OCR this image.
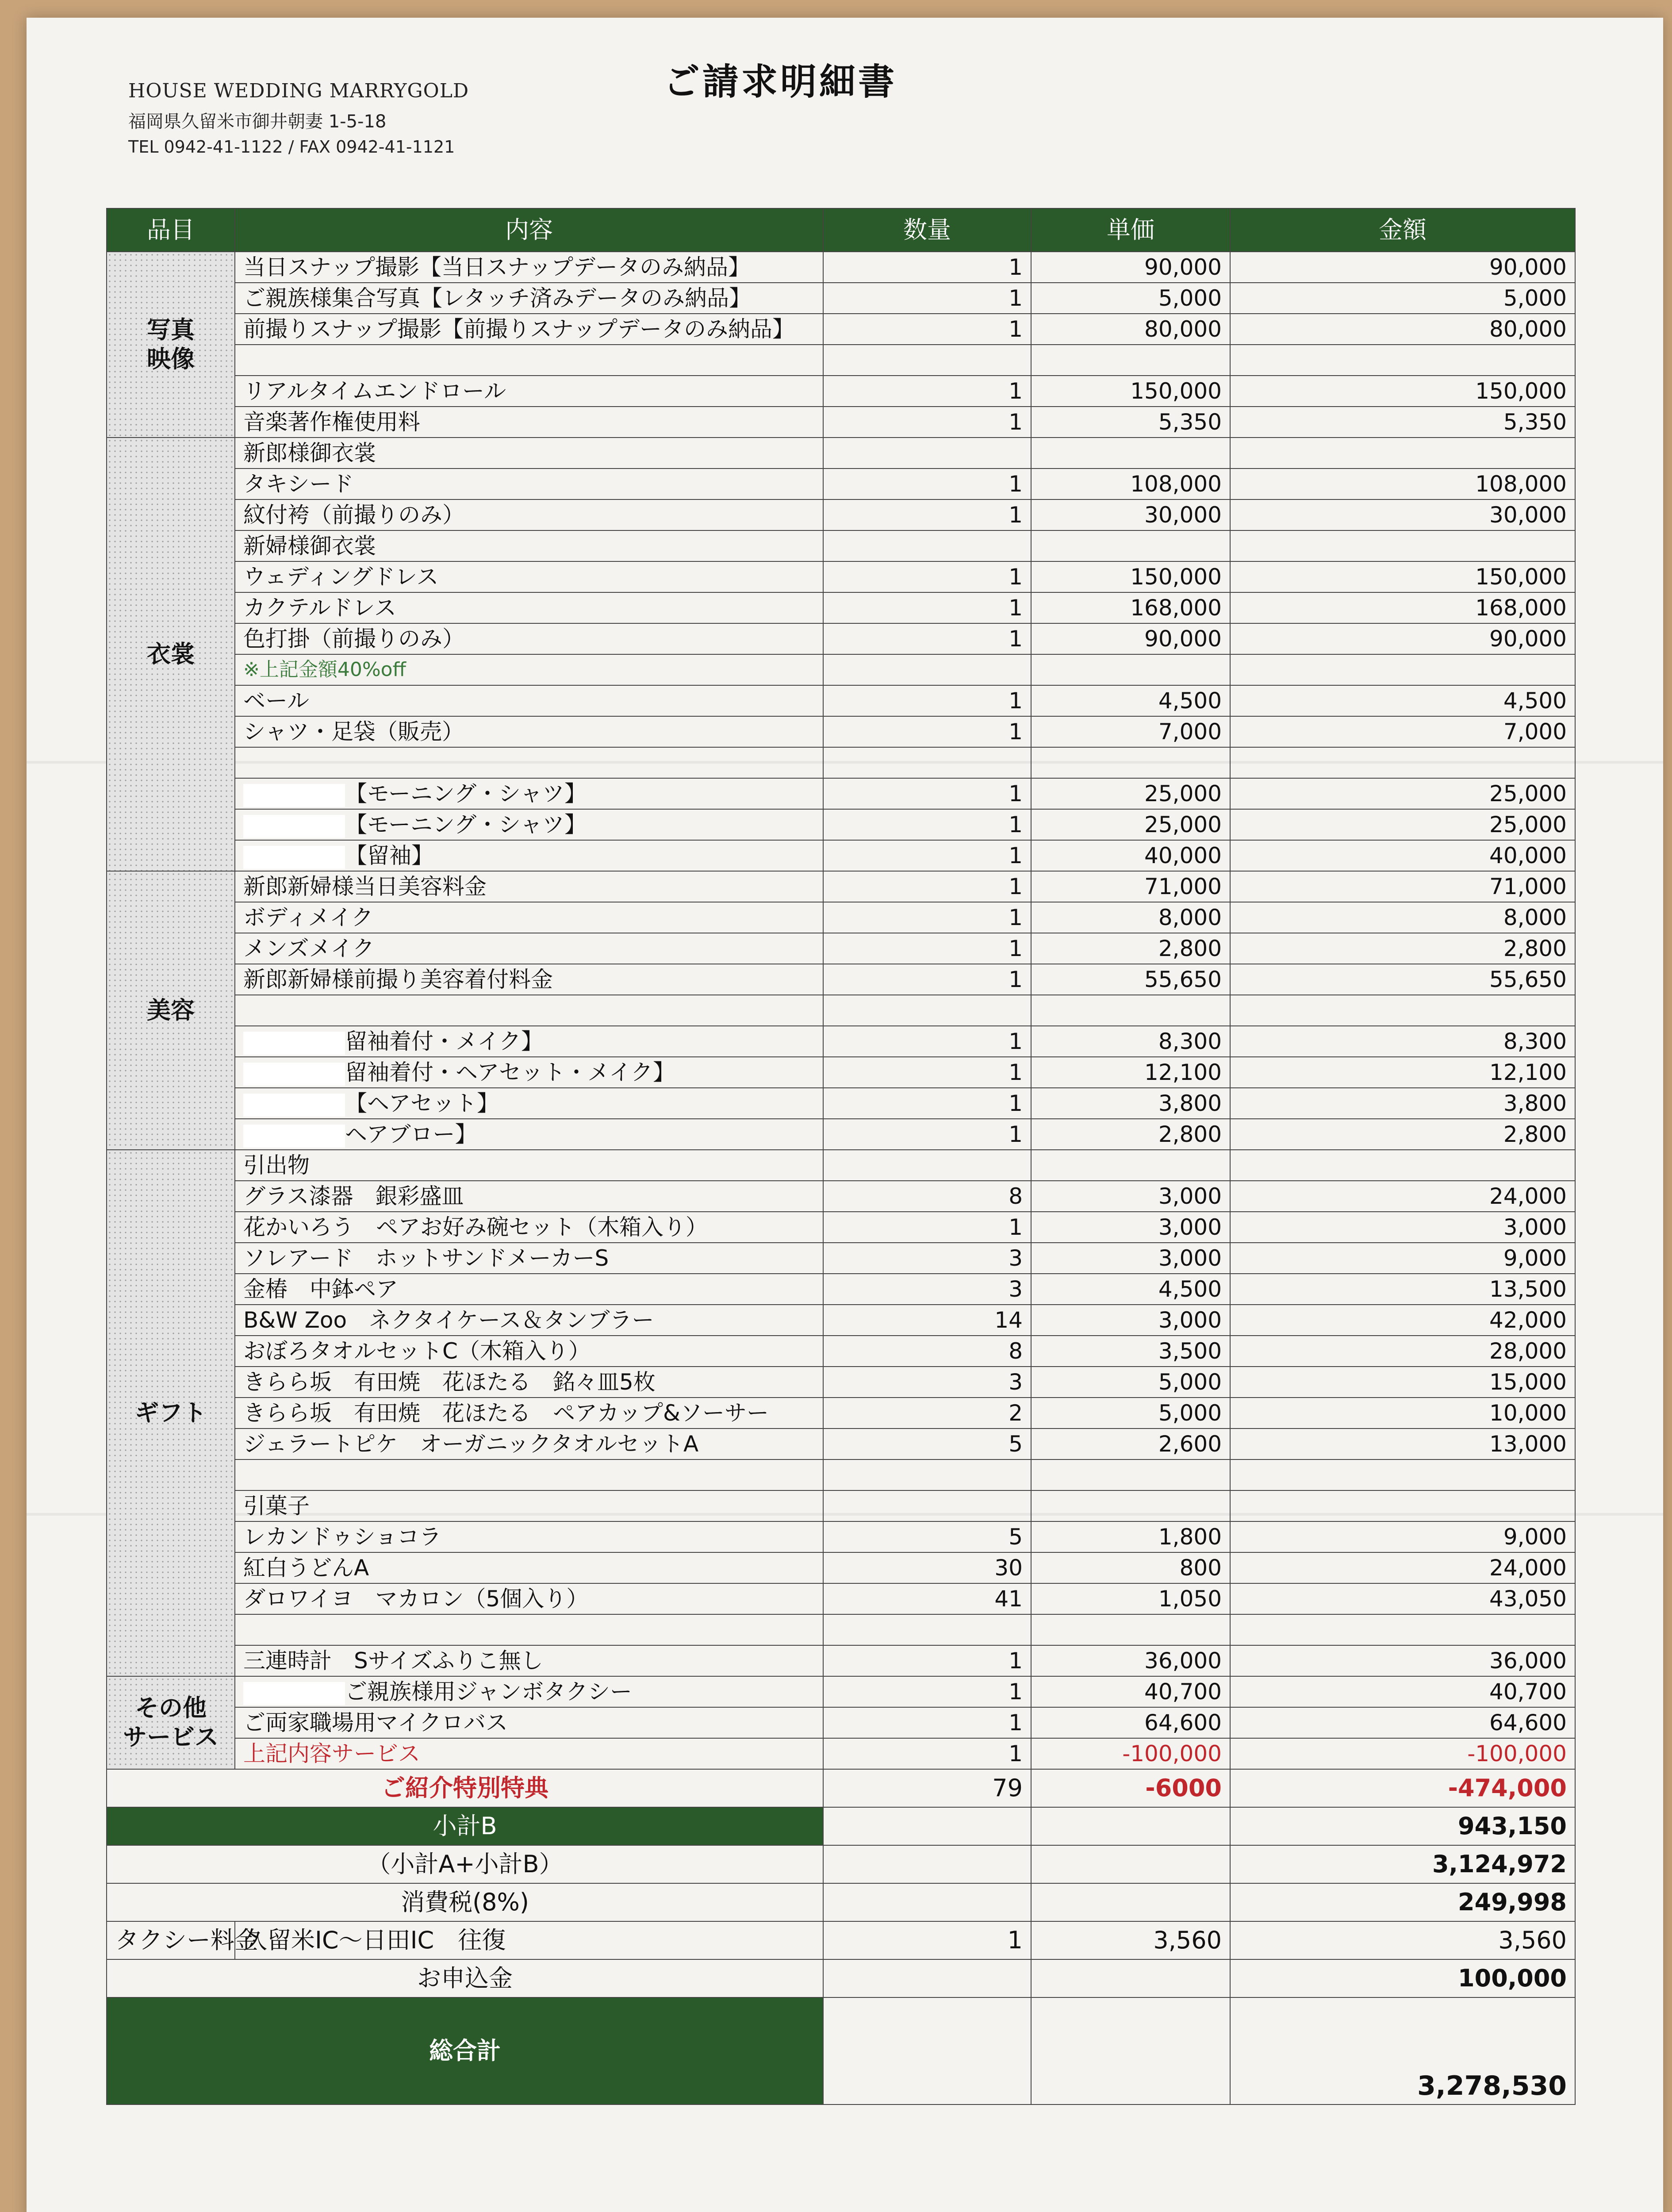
ご請求明細書
HOUSE WEDDING MARRYGOLD
福岡県久留米市御井朝妻 1-5-18
TEL 0942-41-1122 / FAX 0942-41-1121
品目	内容	数量	単価	金額

写真
映像	当日スナップ撮影【当日スナップデータのみ納品】	1	90,000	90,000
	ご親族様集合写真【レタッチ済みデータのみ納品】	1	5,000	5,000
	前撮りスナップ撮影【前撮りスナップデータのみ納品】	1	80,000	80,000

	リアルタイムエンドロール	1	150,000	150,000
	音楽著作権使用料	1	5,350	5,350

衣裳	新郎様御衣裳			
	タキシード	1	108,000	108,000
	紋付袴（前撮りのみ）	1	30,000	30,000
	新婦様御衣裳			
	ウェディングドレス	1	150,000	150,000
	カクテルドレス	1	168,000	168,000
	色打掛（前撮りのみ）	1	90,000	90,000
	※上記金額40%off			
	ベール	1	4,500	4,500
	シャツ・足袋（販売）	1	7,000	7,000

	【モーニング・シャツ】	1	25,000	25,000
	【モーニング・シャツ】	1	25,000	25,000
	【留袖】	1	40,000	40,000

美容	新郎新婦様当日美容料金	1	71,000	71,000
	ボディメイク	1	8,000	8,000
	メンズメイク	1	2,800	2,800
	新郎新婦様前撮り美容着付料金	1	55,650	55,650

	留袖着付・メイク】	1	8,300	8,300
	留袖着付・ヘアセット・メイク】	1	12,100	12,100
	【ヘアセット】	1	3,800	3,800
	ヘアブロー】	1	2,800	2,800

ギフト	引出物			
	グラス漆器　銀彩盛皿	8	3,000	24,000
	花かいろう　ペアお好み碗セット（木箱入り）	1	3,000	3,000
	ソレアード　ホットサンドメーカーS	3	3,000	9,000
	金椿　中鉢ペア	3	4,500	13,500
	B&W Zoo　ネクタイケース＆タンブラー	14	3,000	42,000
	おぼろタオルセットC（木箱入り）	8	3,500	28,000
	きらら坂　有田焼　花ほたる　銘々皿5枚	3	5,000	15,000
	きらら坂　有田焼　花ほたる　ペアカップ&ソーサー	2	5,000	10,000
	ジェラートピケ　オーガニックタオルセットA	5	2,600	13,000

	引菓子			
	レカンドゥショコラ	5	1,800	9,000
	紅白うどんA	30	800	24,000
	ダロワイヨ　マカロン（5個入り）	41	1,050	43,050

	三連時計　Sサイズふりこ無し	1	36,000	36,000

その他
サービス	ご親族様用ジャンボタクシー	1	40,700	40,700
	ご両家職場用マイクロバス	1	64,600	64,600
	上記内容サービス	1	-100,000	-100,000
ご紹介特別特典		79	-6000	-474,000
小計B				943,150
（小計A+小計B）				3,124,972
消費税(8%)				249,998
タクシー料金	久留米IC～日田IC　往復	1	3,560	3,560
お申込金				100,000
総合計				3,278,530
